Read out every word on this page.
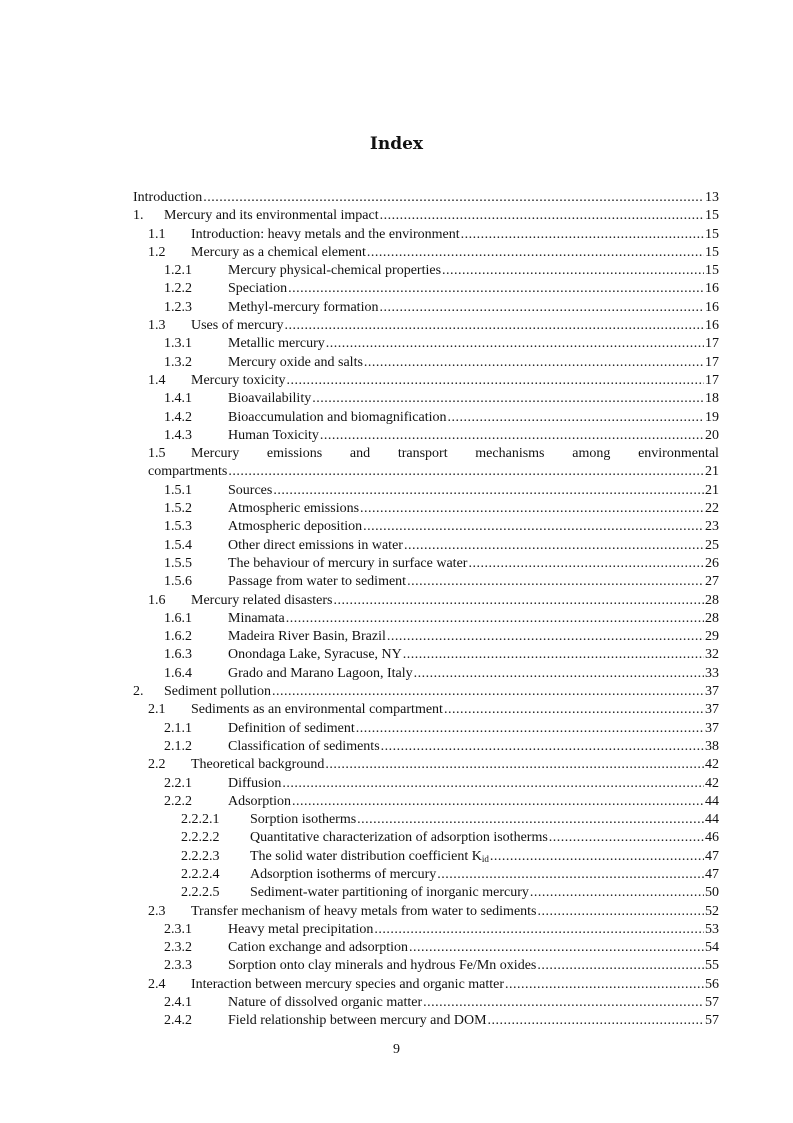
Index
Introduction .....	13
1. Mercury and its environmental impact .....	15
1.1 Introduction: heavy metals and the environment .....	15
1.2 Mercury as a chemical element .....	15
1.2.1	Mercury physical-chemical properties .....	15
1.2.2	Speciation .....	16
1.2.3	Methyl-mercury formation .....	16
1.3 Uses of mercury .....	16
1.3.1	Metallic mercury .....	17
1.3.2	Mercury oxide and salts .....	17
1.4 Mercury toxicity .....	17
1.4.1	Bioavailability .....	18
1.4.2	Bioaccumulation and biomagnification .....	19
1.4.3	Human Toxicity .....	20
1.5 Mercury emissions and transport mechanisms among environmental
compartments .....	21
1.5.1	Sources .....	21
1.5.2	Atmospheric emissions .....	22
1.5.3	Atmospheric deposition .....	23
1.5.4	Other direct emissions in water .....	25
1.5.5	The behaviour of mercury in surface water .....	26
1.5.6	Passage from water to sediment .....	27
1.6 Mercury related disasters .....	28
1.6.1	Minamata .....	28
1.6.2	Madeira River Basin, Brazil .....	29
1.6.3	Onondaga Lake, Syracuse, NY .....	32
1.6.4	Grado and Marano Lagoon, Italy .....	33
2. Sediment pollution .....	37
2.1 Sediments as an environmental compartment .....	37
2.1.1	Definition of sediment .....	37
2.1.2	Classification of sediments .....	38
2.2 Theoretical background .....	42
2.2.1	Diffusion .....	42
2.2.2	Adsorption .....	44
2.2.2.1 Sorption isotherms .....	44
2.2.2.2 Quantitative characterization of adsorption isotherms .....	46
2.2.2.3 The solid water distribution coefficient $K_{id}$ .....	47
2.2.2.4 Adsorption isotherms of mercury .....	47
2.2.2.5 Sediment-water partitioning of inorganic mercury .....	50
2.3 Transfer mechanism of heavy metals from water to sediments .....	52
2.3.1	Heavy metal precipitation .....	53
2.3.2	Cation exchange and adsorption .....	54
2.3.3	Sorption onto clay minerals and hydrous Fe/Mn oxides .....	55
2.4 Interaction between mercury species and organic matter .....	56
2.4.1	Nature of dissolved organic matter .....	57
2.4.2	Field relationship between mercury and DOM .....	57
9
